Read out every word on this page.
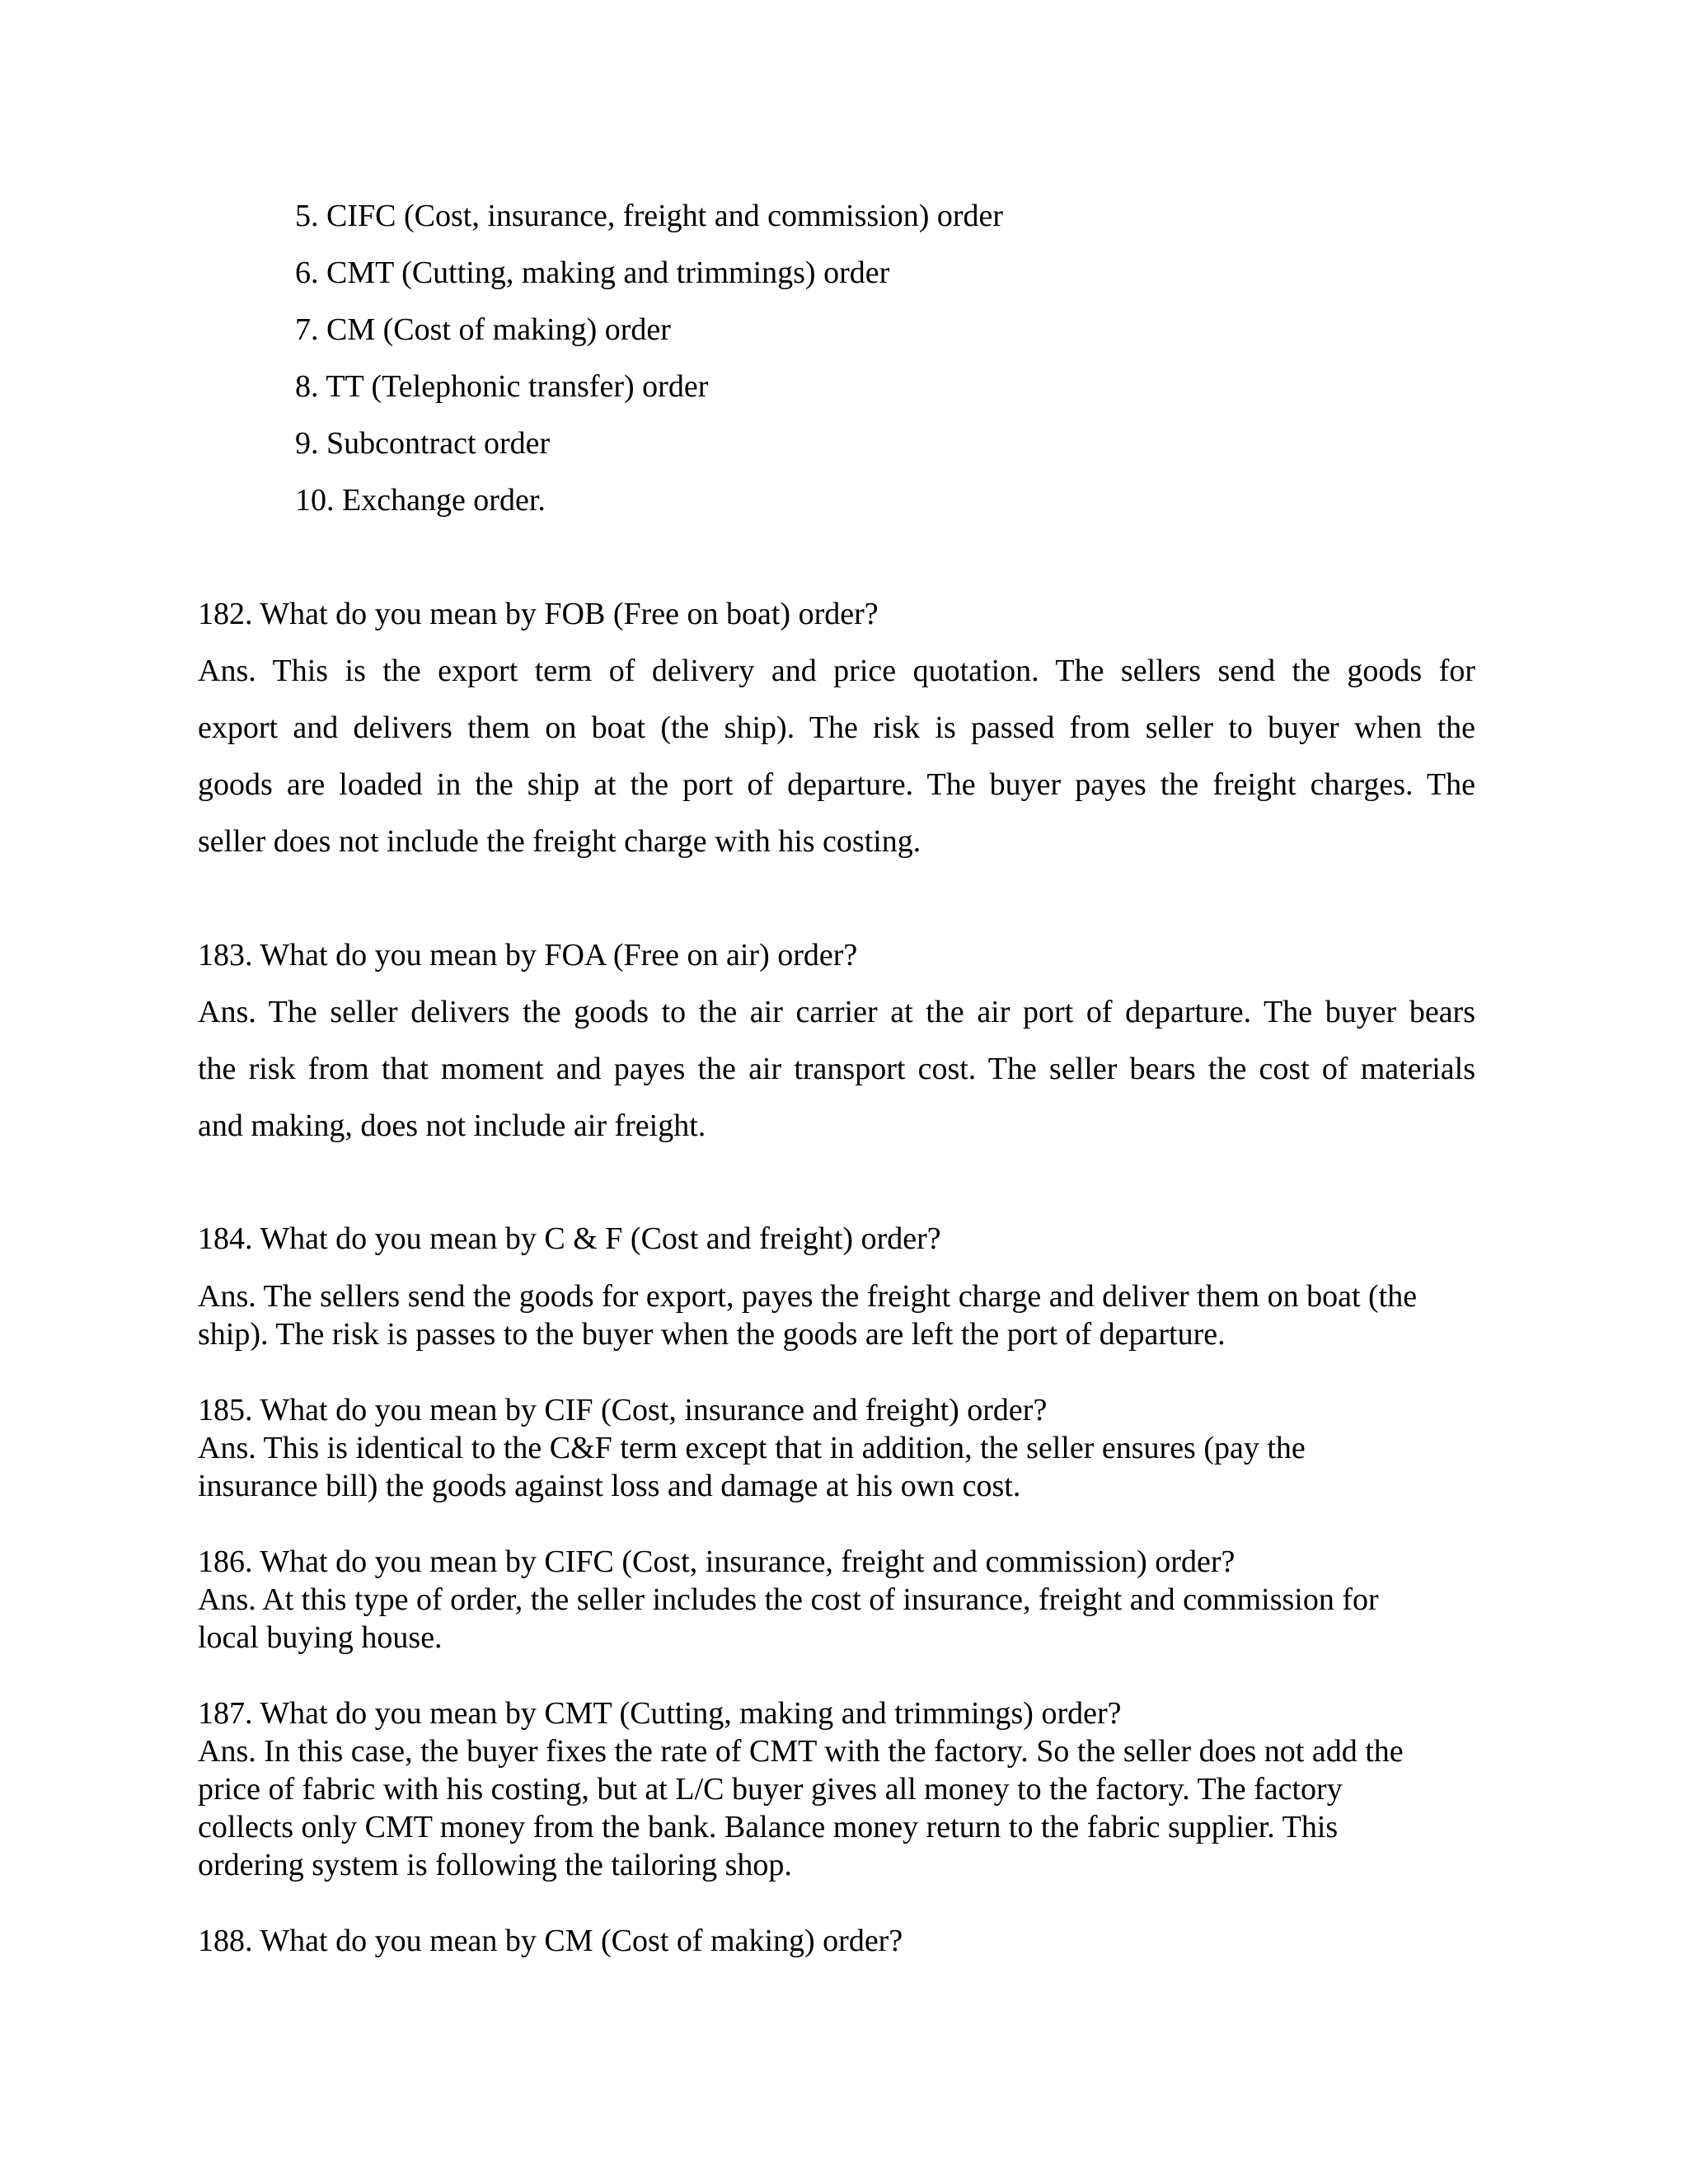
5. CIFC (Cost, insurance, freight and commission) order

6. CMT (Cutting, making and trimmings) order

7. CM (Cost of making) order

8. TT (Telephonic transfer) order

9. Subcontract order

10. Exchange order.

182. What do you mean by FOB (Free on boat) order?

Ans. This is the export term of delivery and price quotation. The sellers send the goods for

export and delivers them on boat (the ship). The risk is passed from seller to buyer when the

goods are loaded in the ship at the port of departure. The buyer payes the freight charges. The

seller does not include the freight charge with his costing.

183. What do you mean by FOA (Free on air) order?

Ans. The seller delivers the goods to the air carrier at the air port of departure. The buyer bears

the risk from that moment and payes the air transport cost. The seller bears the cost of materials

and making, does not include air freight.

184. What do you mean by C & F (Cost and freight) order?

Ans. The sellers send the goods for export, payes the freight charge and deliver them on boat (the

ship). The risk is passes to the buyer when the goods are left the port of departure.

185. What do you mean by CIF (Cost, insurance and freight) order?

Ans. This is identical to the C&F term except that in addition, the seller ensures (pay the

insurance bill) the goods against loss and damage at his own cost.

186. What do you mean by CIFC (Cost, insurance, freight and commission) order?

Ans. At this type of order, the seller includes the cost of insurance, freight and commission for

local buying house.

187. What do you mean by CMT (Cutting, making and trimmings) order?

Ans. In this case, the buyer fixes the rate of CMT with the factory. So the seller does not add the

price of fabric with his costing, but at L/C buyer gives all money to the factory. The factory

collects only CMT money from the bank. Balance money return to the fabric supplier. This

ordering system is following the tailoring shop.

188. What do you mean by CM (Cost of making) order?
